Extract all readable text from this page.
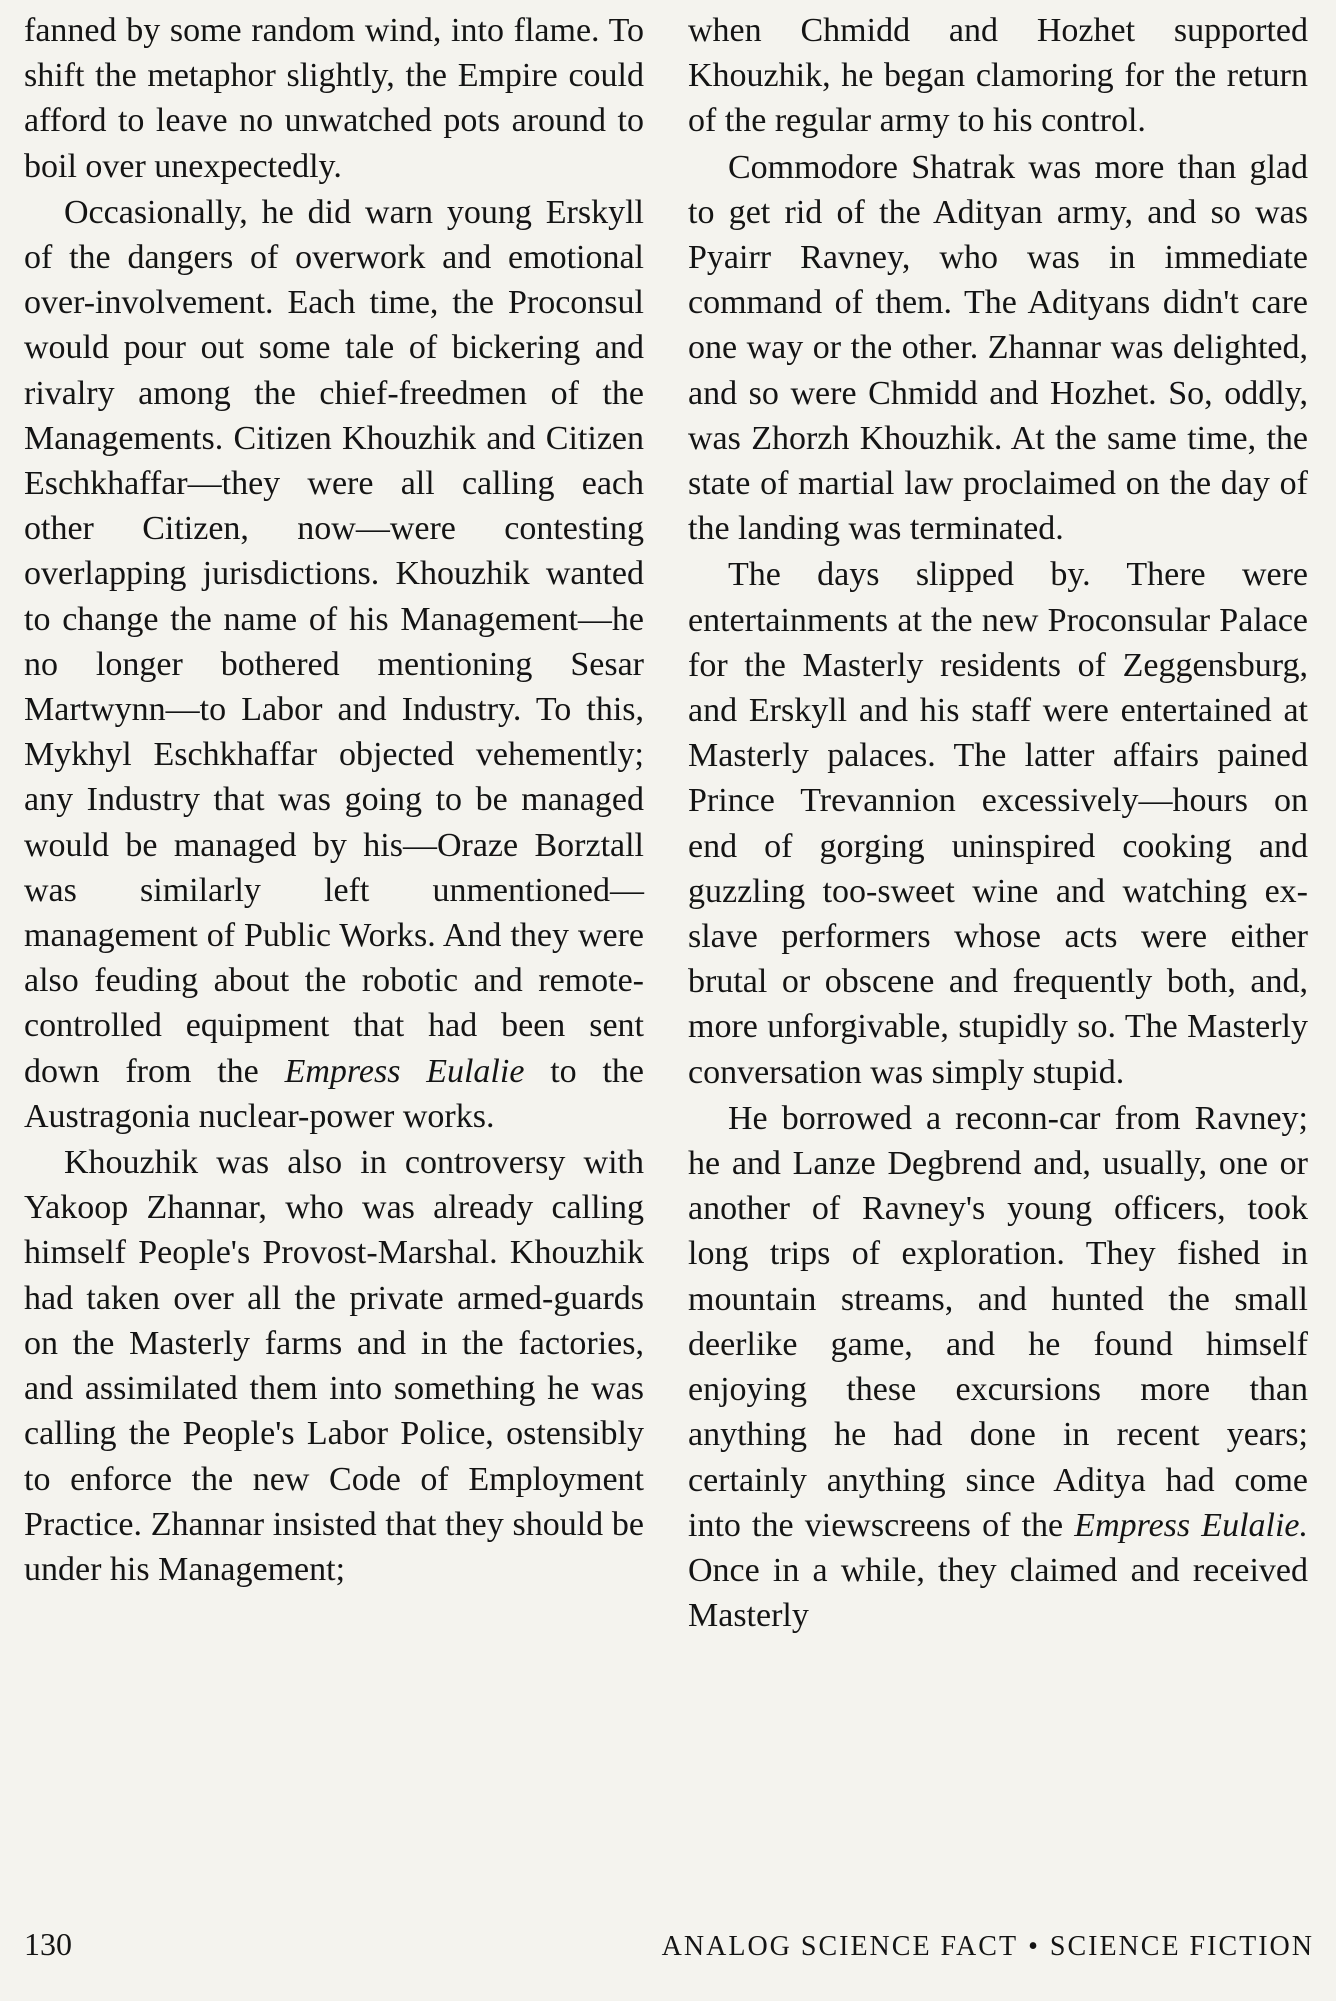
fanned by some random wind, into flame. To shift the metaphor slightly, the Empire could afford to leave no unwatched pots around to boil over unexpectedly.

Occasionally, he did warn young Erskyll of the dangers of overwork and emotional over-involvement. Each time, the Proconsul would pour out some tale of bickering and rivalry among the chief-freedmen of the Managements. Citizen Khouzhik and Citizen Eschkhaffar—they were all calling each other Citizen, now—were contesting overlapping jurisdictions. Khouzhik wanted to change the name of his Management—he no longer bothered mentioning Sesar Martwynn—to Labor and Industry. To this, Mykhyl Eschkhaffar objected vehemently; any Industry that was going to be managed would be managed by his—Oraze Borztall was similarly left unmentioned—management of Public Works. And they were also feuding about the robotic and remote-controlled equipment that had been sent down from the Empress Eulalie to the Austragonia nuclear-power works.

Khouzhik was also in controversy with Yakoop Zhannar, who was already calling himself People's Provost-Marshal. Khouzhik had taken over all the private armed-guards on the Masterly farms and in the factories, and assimilated them into something he was calling the People's Labor Police, ostensibly to enforce the new Code of Employment Practice. Zhannar insisted that they should be under his Management;

when Chmidd and Hozhet supported Khouzhik, he began clamoring for the return of the regular army to his control.

Commodore Shatrak was more than glad to get rid of the Adityan army, and so was Pyairr Ravney, who was in immediate command of them. The Adityans didn't care one way or the other. Zhannar was delighted, and so were Chmidd and Hozhet. So, oddly, was Zhorzh Khouzhik. At the same time, the state of martial law proclaimed on the day of the landing was terminated.

The days slipped by. There were entertainments at the new Proconsular Palace for the Masterly residents of Zeggensburg, and Erskyll and his staff were entertained at Masterly palaces. The latter affairs pained Prince Trevannion excessively—hours on end of gorging uninspired cooking and guzzling too-sweet wine and watching ex-slave performers whose acts were either brutal or obscene and frequently both, and, more unforgivable, stupidly so. The Masterly conversation was simply stupid.

He borrowed a reconn-car from Ravney; he and Lanze Degbrend and, usually, one or another of Ravney's young officers, took long trips of exploration. They fished in mountain streams, and hunted the small deerlike game, and he found himself enjoying these excursions more than anything he had done in recent years; certainly anything since Aditya had come into the viewscreens of the Empress Eulalie. Once in a while, they claimed and received Masterly

130	ANALOG SCIENCE FACT • SCIENCE FICTION
